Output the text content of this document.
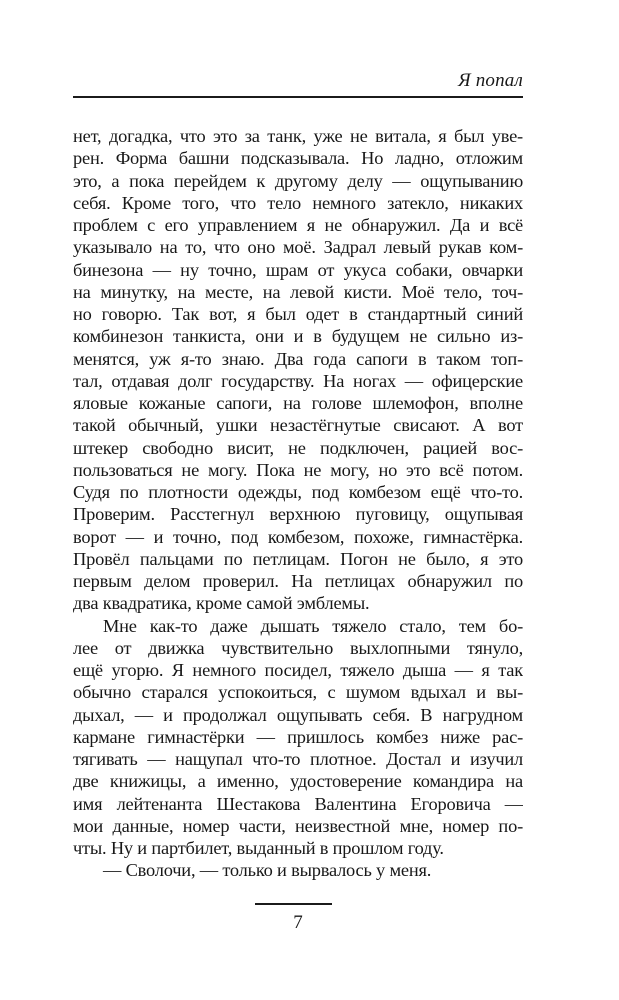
Я попал
нет, догадка, что это за танк, уже не витала, я был уве-
рен. Форма башни подсказывала. Но ладно, отложим
это, а пока перейдем к другому делу — ощупыванию
себя. Кроме того, что тело немного затекло, никаких
проблем с его управлением я не обнаружил. Да и всё
указывало на то, что оно моё. Задрал левый рукав ком-
бинезона — ну точно, шрам от укуса собаки, овчарки
на минутку, на месте, на левой кисти. Моё тело, точ-
но говорю. Так вот, я был одет в стандартный синий
комбинезон танкиста, они и в будущем не сильно из-
менятся, уж я-то знаю. Два года сапоги в таком топ-
тал, отдавая долг государству. На ногах — офицерские
яловые кожаные сапоги, на голове шлемофон, вполне
такой обычный, ушки незастёгнутые свисают. А вот
штекер свободно висит, не подключен, рацией вос-
пользоваться не могу. Пока не могу, но это всё потом.
Судя по плотности одежды, под комбезом ещё что-то.
Проверим. Расстегнул верхнюю пуговицу, ощупывая
ворот — и точно, под комбезом, похоже, гимнастёрка.
Провёл пальцами по петлицам. Погон не было, я это
первым делом проверил. На петлицах обнаружил по
два квадратика, кроме самой эмблемы.
Мне как-то даже дышать тяжело стало, тем бо-
лее от движка чувствительно выхлопными тянуло,
ещё угорю. Я немного посидел, тяжело дыша — я так
обычно старался успокоиться, с шумом вдыхал и вы-
дыхал, — и продолжал ощупывать себя. В нагрудном
кармане гимнастёрки — пришлось комбез ниже рас-
тягивать — нащупал что-то плотное. Достал и изучил
две книжицы, а именно, удостоверение командира на
имя лейтенанта Шестакова Валентина Егоровича —
мои данные, номер части, неизвестной мне, номер по-
чты. Ну и партбилет, выданный в прошлом году.
— Сволочи, — только и вырвалось у меня.
7
